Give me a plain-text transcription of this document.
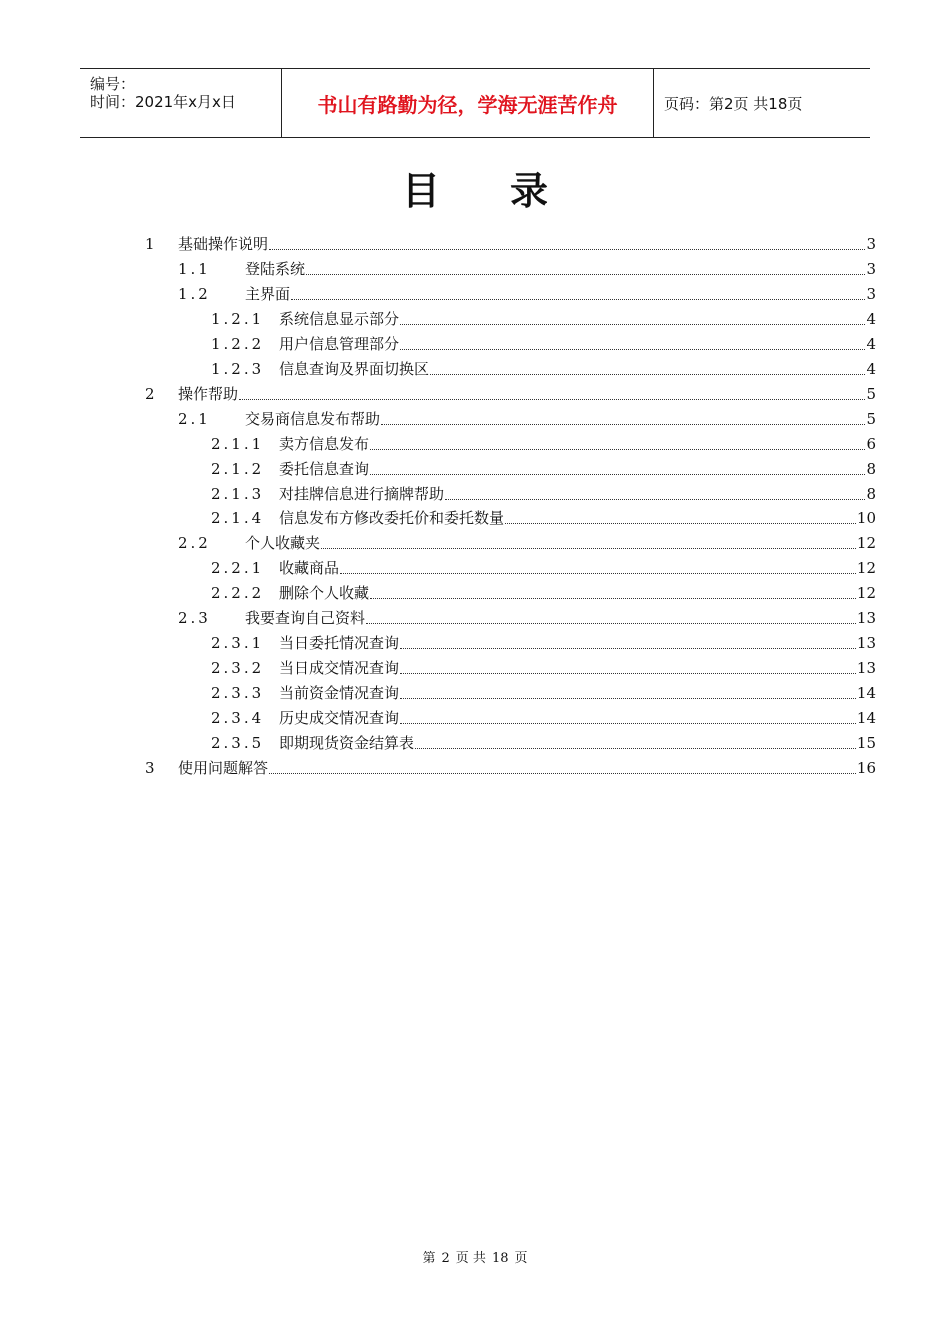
编号：
时间：2021年x月x日	书山有路勤为径，学海无涯苦作舟	页码：第2页 共18页
目录
1 基础操作说明	3
1.1 登陆系统	3
1.2 主界面	3
1.2.1 系统信息显示部分	4
1.2.2 用户信息管理部分	4
1.2.3 信息查询及界面切换区	4
2 操作帮助	5
2.1 交易商信息发布帮助	5
2.1.1 卖方信息发布	6
2.1.2 委托信息查询	8
2.1.3 对挂牌信息进行摘牌帮助	8
2.1.4 信息发布方修改委托价和委托数量	10
2.2 个人收藏夹	12
2.2.1 收藏商品	12
2.2.2 删除个人收藏	12
2.3 我要查询自己资料	13
2.3.1 当日委托情况查询	13
2.3.2 当日成交情况查询	13
2.3.3 当前资金情况查询	14
2.3.4 历史成交情况查询	14
2.3.5 即期现货资金结算表	15
3 使用问题解答	16
第 2 页 共 18 页
